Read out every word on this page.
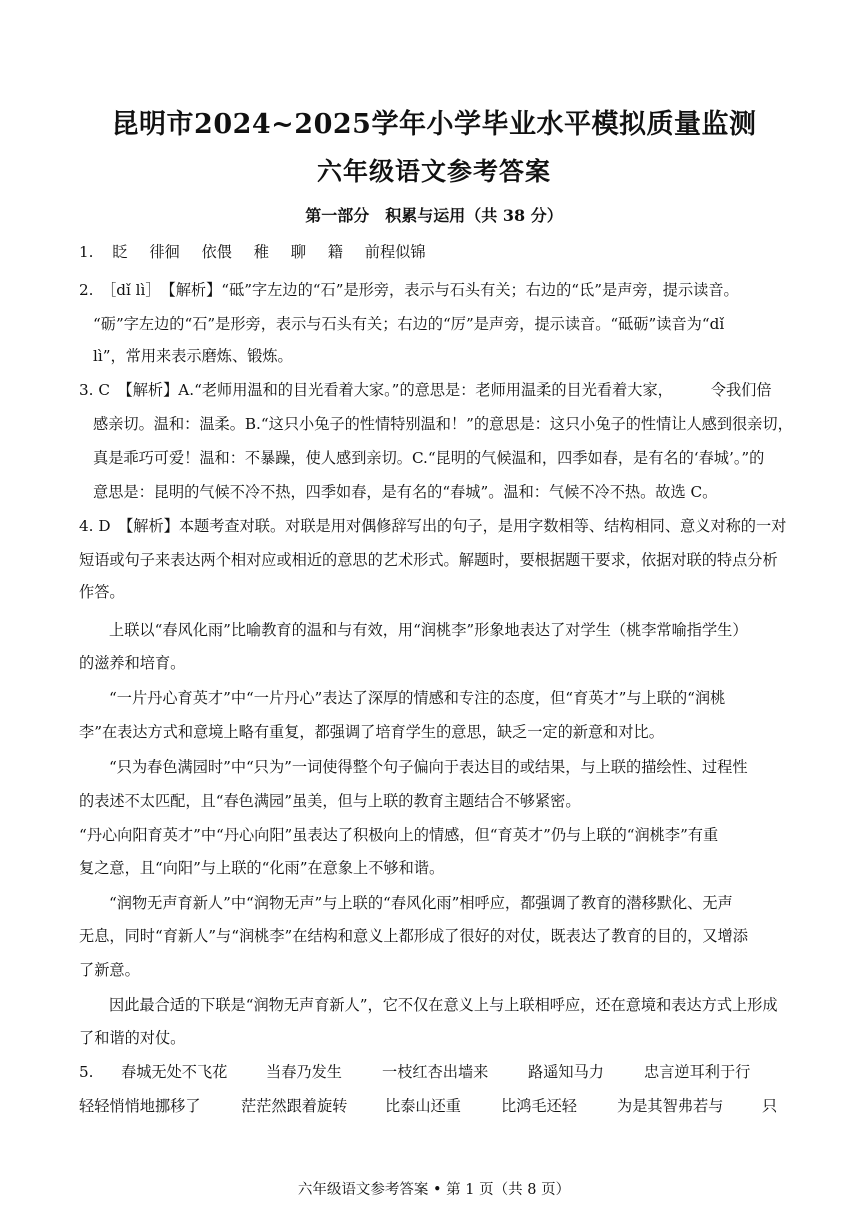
昆明市2024~2025学年小学毕业水平模拟质量监测
六年级语文参考答案
第一部分　积累与运用（共 38 分）
1. 眨 徘徊 依偎 稚 聊 籍 前程似锦
2.　［dǐ lì］　【解析】“砥”字左边的“石”是形旁，表示与石头有关；右边的“氐”是声旁，提示读音。
“砺”字左边的“石”是形旁，表示与石头有关；右边的“厉”是声旁，提示读音。“砥砺”读音为“dǐ
lì”，常用来表示磨炼、锻炼。
3. C　【解析】A.“老师用温和的目光看着大家。”的意思是：老师用温柔的目光看着大家，　　　令我们倍
感亲切。温和：温柔。B.“这只小兔子的性情特别温和！”的意思是：这只小兔子的性情让人感到很亲切，
真是乖巧可爱！温和：不暴躁，使人感到亲切。C.“昆明的气候温和，四季如春，是有名的‘春城’。”的
意思是：昆明的气候不冷不热，四季如春，是有名的“春城”。温和：气候不冷不热。故选 C。
4. D　【解析】本题考查对联。对联是用对偶修辞写出的句子，是用字数相等、结构相同、意义对称的一对
短语或句子来表达两个相对应或相近的意思的艺术形式。解题时，要根据题干要求，依据对联的特点分析
作答。
上联以“春风化雨”比喻教育的温和与有效，用“润桃李”形象地表达了对学生（桃李常喻指学生）
的滋养和培育。
“一片丹心育英才”中“一片丹心”表达了深厚的情感和专注的态度，但“育英才”与上联的“润桃
李”在表达方式和意境上略有重复，都强调了培育学生的意思，缺乏一定的新意和对比。
“只为春色满园时”中“只为”一词使得整个句子偏向于表达目的或结果，与上联的描绘性、过程性
的表述不太匹配，且“春色满园”虽美，但与上联的教育主题结合不够紧密。
“丹心向阳育英才”中“丹心向阳”虽表达了积极向上的情感，但“育英才”仍与上联的“润桃李”有重
复之意，且“向阳”与上联的“化雨”在意象上不够和谐。
“润物无声育新人”中“润物无声”与上联的“春风化雨”相呼应，都强调了教育的潜移默化、无声
无息，同时“育新人”与“润桃李”在结构和意义上都形成了很好的对仗，既表达了教育的目的，又增添
了新意。
因此最合适的下联是“润物无声育新人”，它不仅在意义上与上联相呼应，还在意境和表达方式上形成
了和谐的对仗。
5. 春城无处不飞花	当春乃发生	一枝红杏出墙来	路遥知马力	忠言逆耳利于行
轻轻悄悄地挪移了	茫茫然跟着旋转 比泰山还重	比鸿毛还轻	为是其智弗若与	只
六年级语文参考答案 • 第 1 页（共 8 页）
